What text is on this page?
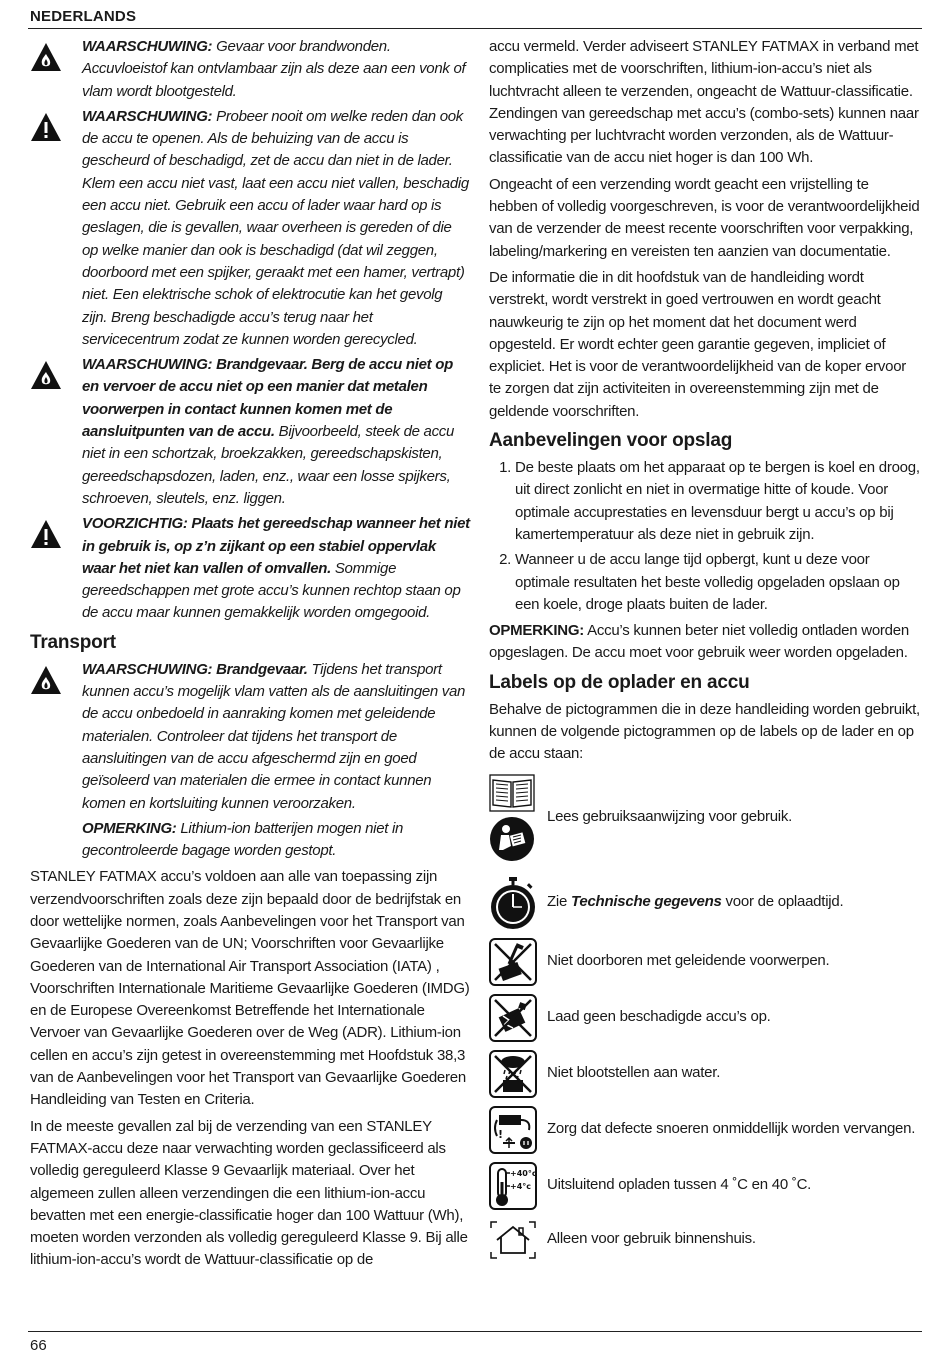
NEDERLANDS

WAARSCHUWING: Gevaar voor brandwonden. Accuvloeistof kan ontvlambaar zijn als deze aan een vonk of vlam wordt blootgesteld.

WAARSCHUWING: Probeer nooit om welke reden dan ook de accu te openen. Als de behuizing van de accu is gescheurd of beschadigd, zet de accu dan niet in de lader. Klem een accu niet vast, laat een accu niet vallen, beschadig een accu niet. Gebruik een accu of lader waar hard op is geslagen, die is gevallen, waar overheen is gereden of die op welke manier dan ook is beschadigd (dat wil zeggen, doorboord met een spijker, geraakt met een hamer, vertrapt) niet. Een elektrische schok of elektrocutie kan het gevolg zijn. Breng beschadigde accu’s terug naar het servicecentrum zodat ze kunnen worden gerecycled.

WAARSCHUWING: Brandgevaar. Berg de accu niet op en vervoer de accu niet op een manier dat metalen voorwerpen in contact kunnen komen met de aansluitpunten van de accu. Bijvoorbeeld, steek de accu niet in een schortzak, broekzakken, gereedschapskisten, gereedschapsdozen, laden, enz., waar een losse spijkers, schroeven, sleutels, enz. liggen.

VOORZICHTIG: Plaats het gereedschap wanneer het niet in gebruik is, op z’n zijkant op een stabiel oppervlak waar het niet kan vallen of omvallen. Sommige gereedschappen met grote accu’s kunnen rechtop staan op de accu maar kunnen gemakkelijk worden omgegooid.

Transport

WAARSCHUWING: Brandgevaar. Tijdens het transport kunnen accu’s mogelijk vlam vatten als de aansluitingen van de accu onbedoeld in aanraking komen met geleidende materialen. Controleer dat tijdens het transport de aansluitingen van de accu afgeschermd zijn en goed geïsoleerd van materialen die ermee in contact kunnen komen en kortsluiting kunnen veroorzaken.

OPMERKING: Lithium-ion batterijen mogen niet in gecontroleerde bagage worden gestopt.

STANLEY FATMAX accu’s voldoen aan alle van toepassing zijn verzendvoorschriften zoals deze zijn bepaald door de bedrijfstak en door wettelijke normen, zoals Aanbevelingen voor het Transport van Gevaarlijke Goederen van de UN; Voorschriften voor Gevaarlijke Goederen van de International Air Transport Association (IATA) , Voorschriften Internationale Maritieme Gevaarlijke Goederen (IMDG) en de Europese Overeenkomst Betreffende het Internationale Vervoer van Gevaarlijke Goederen over de Weg (ADR). Lithium-ion cellen en accu’s zijn getest in overeenstemming met Hoofdstuk 38,3 van de Aanbevelingen voor het Transport van Gevaarlijke Goederen Handleiding van Testen en Criteria.

In de meeste gevallen zal bij de verzending van een STANLEY FATMAX-accu deze naar verwachting worden geclassificeerd als volledig gereguleerd Klasse 9 Gevaarlijk materiaal. Over het algemeen zullen alleen verzendingen die een lithium-ion-accu bevatten met een energie-classificatie hoger dan 100 Wattuur (Wh), moeten worden verzonden als volledig gereguleerd Klasse 9. Bij alle lithium-ion-accu’s wordt de Wattuur-classificatie op de

accu vermeld. Verder adviseert STANLEY FATMAX in verband met complicaties met de voorschriften, lithium-ion-accu’s niet als luchtvracht alleen te verzenden, ongeacht de Wattuur-classificatie. Zendingen van gereedschap met accu’s (combo-sets) kunnen naar verwachting per luchtvracht worden verzonden, als de Wattuur-classificatie van de accu niet hoger is dan 100 Wh.

Ongeacht of een verzending wordt geacht een vrijstelling te hebben of volledig voorgeschreven, is voor de verantwoordelijkheid van de verzender de meest recente voorschriften voor verpakking, labeling/markering en vereisten ten aanzien van documentatie.

De informatie die in dit hoofdstuk van de handleiding wordt verstrekt, wordt verstrekt in goed vertrouwen en wordt geacht nauwkeurig te zijn op het moment dat het document werd opgesteld. Er wordt echter geen garantie gegeven, impliciet of expliciet. Het is voor de verantwoordelijkheid van de koper ervoor te zorgen dat zijn activiteiten in overeenstemming zijn met de geldende voorschriften.

Aanbevelingen voor opslag
1. De beste plaats om het apparaat op te bergen is koel en droog, uit direct zonlicht en niet in overmatige hitte of koude. Voor optimale accuprestaties en levensduur bergt u accu’s op bij kamertemperatuur als deze niet in gebruik zijn.
2. Wanneer u de accu lange tijd opbergt, kunt u deze voor optimale resultaten het beste volledig opgeladen opslaan op een koele, droge plaats buiten de lader.

OPMERKING: Accu’s kunnen beter niet volledig ontladen worden opgeslagen. De accu moet voor gebruik weer worden opgeladen.

Labels op de oplader en accu

Behalve de pictogrammen die in deze handleiding worden gebruikt, kunnen de volgende pictogrammen op de labels op de lader en op de accu staan:

Lees gebruiksaanwijzing voor gebruik.
Zie Technische gegevens voor de oplaadtijd.
Niet doorboren met geleidende voorwerpen.
Laad geen beschadigde accu’s op.
Niet blootstellen aan water.
!	Zorg dat defecte snoeren onmiddellijk worden vervangen.
+40°c
+4°c Uitsluitend opladen tussen 4 ˚C en 40 ˚C.
Alleen voor gebruik binnenshuis.
66
